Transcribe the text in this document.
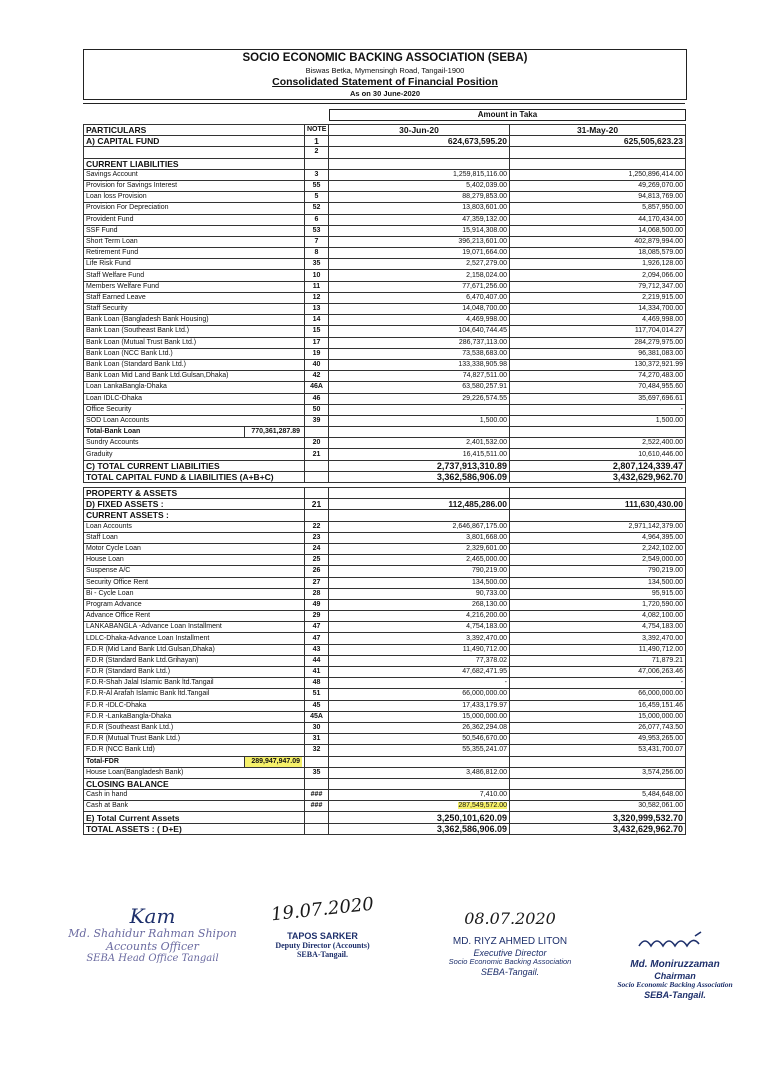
SOCIO ECONOMIC BACKING ASSOCIATION (SEBA)
Biswas Betka, Mymensingh Road, Tangail-1900
Consolidated Statement of Financial Position
As on 30 June-2020
Amount in Taka
PARTICULARS	NOTE	30-Jun-20	31-May-20
A) CAPITAL FUND	1	624,673,595.20	625,505,623.23
	2		
CURRENT LIABILITIES			
Savings Account	3	1,259,815,116.00	1,250,896,414.00
Provision for Savings Interest	55	5,402,039.00	49,269,070.00
Loan loss Provision	5	88,279,853.00	94,813,769.00
Provision For Depreciation	52	13,803,601.00	5,857,950.00
Provident Fund	6	47,359,132.00	44,170,434.00
SSF Fund	53	15,914,308.00	14,068,500.00
Short Term Loan	7	396,213,601.00	402,879,994.00
Retirement Fund	8	19,071,664.00	18,085,579.00
Life Risk Fund	35	2,527,279.00	1,926,128.00
Staff Welfare Fund	10	2,158,024.00	2,094,066.00
Members Welfare Fund	11	77,671,256.00	79,712,347.00
Staff Earned Leave	12	6,470,407.00	2,219,915.00
Staff Security	13	14,048,700.00	14,334,700.00
Bank Loan (Bangladesh Bank Housing)	14	4,469,998.00	4,469,998.00
Bank Loan (Southeast Bank Ltd.)	15	104,640,744.45	117,704,014.27
Bank Loan (Mutual Trust Bank Ltd.)	17	286,737,113.00	284,279,975.00
Bank Loan (NCC Bank Ltd.)	19	73,538,683.00	96,381,083.00
Bank Loan (Standard Bank Ltd.)	40	133,338,905.98	130,372,921.99
Bank Loan Mid Land Bank Ltd.Gulsan,Dhaka)	42	74,827,511.00	74,270,483.00
Loan LankaBangla-Dhaka	46A	63,580,257.91	70,484,955.60
Loan IDLC-Dhaka	46	29,226,574.55	35,697,696.61
Office Security	50		-
SOD Loan Accounts	39	1,500.00	1,500.00

Total-Bank Loan 770,361,287.89			

Sundry Accounts	20	2,401,532.00	2,522,400.00
Graduity	21	16,415,511.00	10,610,446.00
C) TOTAL CURRENT LIABILITIES		2,737,913,310.89	2,807,124,339.47
TOTAL CAPITAL FUND & LIABILITIES (A+B+C)		3,362,586,906.09	3,432,629,962.70

PROPERTY & ASSETS			
D) FIXED ASSETS :	21	112,485,286.00	111,630,430.00
CURRENT ASSETS :			
Loan Accounts	22	2,646,867,175.00	2,971,142,379.00
Staff Loan	23	3,801,668.00	4,964,395.00
Motor Cycle Loan	24	2,329,601.00	2,242,102.00
House Loan	25	2,465,000.00	2,549,000.00
Suspense A/C	26	790,219.00	790,219.00
Security Office Rent	27	134,500.00	134,500.00
Bi - Cycle Loan	28	90,733.00	95,915.00
Program Advance	49	268,130.00	1,720,590.00
Advance Office Rent	29	4,216,200.00	4,082,100.00
LANKABANGLA -Advance Loan Installment	47	4,754,183.00	4,754,183.00
LDLC-Dhaka-Advance Loan Installment	47	3,392,470.00	3,392,470.00
F.D.R (Mid Land Bank Ltd.Gulsan,Dhaka)	43	11,490,712.00	11,490,712.00
F.D.R (Standard Bank Ltd.Grihayan)	44	77,378.02	71,879.21
F.D.R (Standard Bank Ltd.)	41	47,682,471.95	47,006,263.46
F.D.R-Shah Jalal Islamic Bank ltd.Tangail	48	-	-
F.D.R-Al Arafah Islamic Bank ltd.Tangail	51	66,000,000.00	66,000,000.00
F.D.R -IDLC-Dhaka	45	17,433,179.97	16,459,151.46
F.D.R -LankaBangla-Dhaka	45A	15,000,000.00	15,000,000.00
F.D.R (Southeast Bank Ltd.)	30	26,362,294.08	26,077,743.50
F.D.R (Mutual Trust Bank Ltd.)	31	50,546,670.00	49,953,265.00
F.D.R (NCC Bank Ltd)	32	55,355,241.07	53,431,700.07

Total-FDR 289,947,947.09			

House Loan(Bangladesh Bank)	35	3,486,812.00	3,574,256.00
CLOSING BALANCE			
Cash in hand	###	7,410.00	5,484,648.00
Cash at Bank	###	287,549,572.00	30,582,061.00
E) Total Current Assets		3,250,101,620.09	3,320,999,532.70
TOTAL ASSETS : ( D+E)		3,362,586,906.09	3,432,629,962.70
Kam
Md. Shahidur Rahman Shipon
Accounts Officer
SEBA Head Office Tangail
19.07.2020
TAPOS SARKER
Deputy Director (Accounts)
SEBA-Tangail.
08.07.2020
MD. RIYZ AHMED LITON
Executive Director
Socio Economic Backing Association
SEBA-Tangail.
Md. Moniruzzaman
Chairman
Socio Economic Backing Association
SEBA-Tangail.
